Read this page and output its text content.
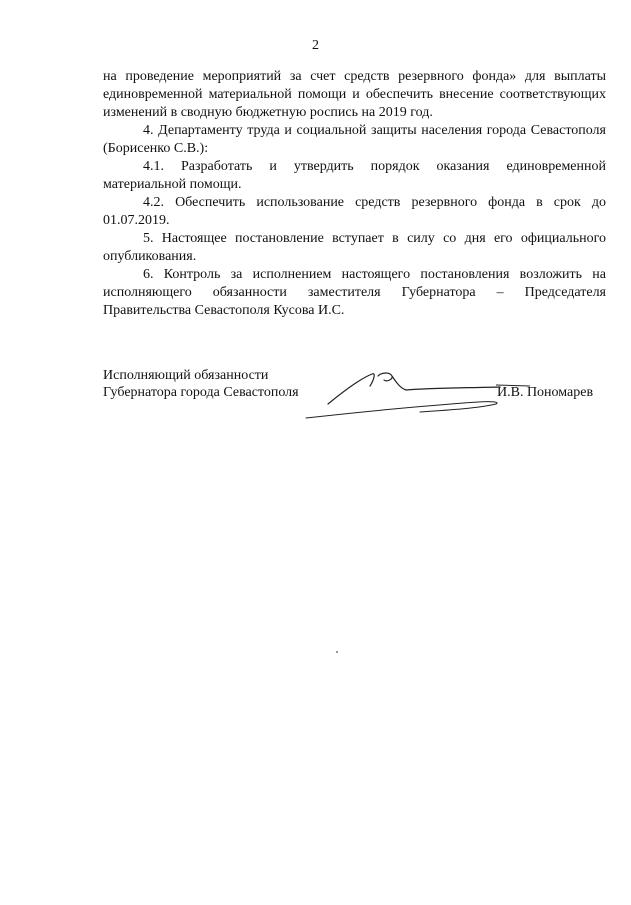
2

на проведение мероприятий за счет средств резервного фонда» для выплаты единовременной материальной помощи и обеспечить внесение соответствующих изменений в сводную бюджетную роспись на 2019 год.

4. Департаменту труда и социальной защиты населения города Севастополя (Борисенко С.В.):

4.1. Разработать и утвердить порядок оказания единовременной материальной помощи.

4.2. Обеспечить использование средств резервного фонда в срок до 01.07.2019.

5. Настоящее постановление вступает в силу со дня его официального опубликования.

6. Контроль за исполнением настоящего постановления возложить на исполняющего обязанности заместителя Губернатора – Председателя Правительства Севастополя Кусова И.С.

Исполняющий обязанности
Губернатора города Севастополя	И.В. Пономарев
